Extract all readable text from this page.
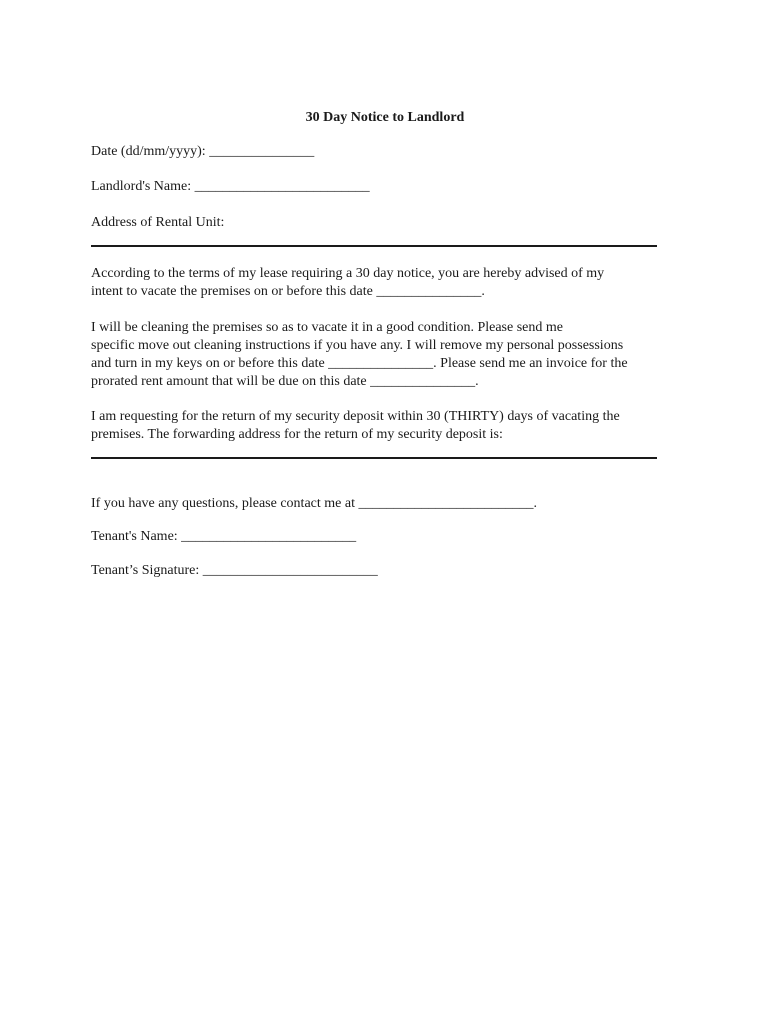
30 Day Notice to Landlord
Date (dd/mm/yyyy): _______________
Landlord's Name: _________________________
Address of Rental Unit:
According to the terms of my lease requiring a 30 day notice, you are hereby advised of my
intent to vacate the premises on or before this date _______________.
I will be cleaning the premises so as to vacate it in a good condition. Please send me
specific move out cleaning instructions if you have any. I will remove my personal possessions
and turn in my keys on or before this date _______________. Please send me an invoice for the
prorated rent amount that will be due on this date _______________.
I am requesting for the return of my security deposit within 30 (THIRTY) days of vacating the
premises. The forwarding address for the return of my security deposit is:
If you have any questions, please contact me at _________________________.
Tenant's Name: _________________________
Tenant’s Signature: _________________________
